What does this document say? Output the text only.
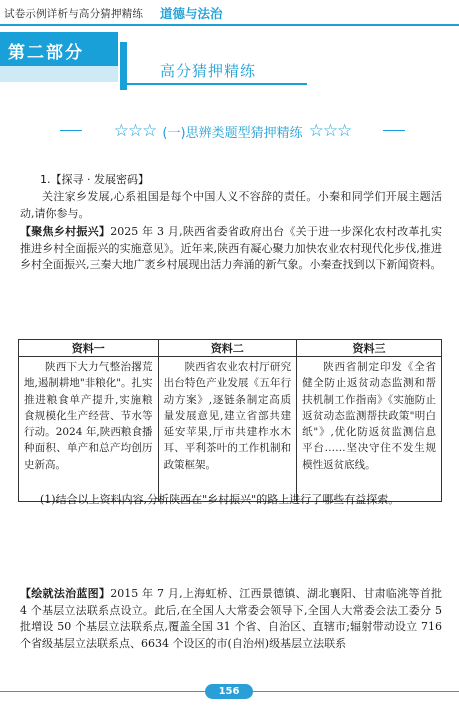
试卷示例详析与高分猜押精练 道德与法治
第二部分
高分猜押精练
☆☆☆ (一)思辨类题型猜押精练 ☆☆☆
1.【探寻 · 发展密码】

关注家乡发展,心系祖国是每个中国人义不容辞的责任。小秦和同学们开展主题活动,请你参与。

【聚焦乡村振兴】2025 年 3 月,陕西省委省政府出台《关于进一步深化农村改革扎实推进乡村全面振兴的实施意见》。近年来,陕西有凝心聚力加快农业农村现代化步伐,推进乡村全面振兴,三秦大地广袤乡村展现出活力奔涌的新气象。小秦查找到以下新闻资料。

资料一	资料二	资料三
陕西下大力气整治撂荒地,遏制耕地"非粮化"。扎实推进粮食单产提升,实施粮食规模化生产经营、节水等行动。2024 年,陕西粮食播种面积、单产和总产均创历史新高。	陕西省农业农村厅研究出台特色产业发展《五年行动方案》,逐链条制定高质量发展意见,建立省部共建延安苹果,厅市共建柞水木耳、平利茶叶的工作机制和政策框架。	陕西省制定印发《全省健全防止返贫动态监测和帮扶机制工作指南》《实施防止返贫动态监测帮扶政策"明白纸"》,优化防返贫监测信息平台……坚决守住不发生规模性返贫底线。

(1)结合以上资料内容,分析陕西在"乡村振兴"的路上进行了哪些有益探索。

【绘就法治蓝图】2015 年 7 月,上海虹桥、江西景德镇、湖北襄阳、甘肃临洮等首批 4 个基层立法联系点设立。此后,在全国人大常委会领导下,全国人大常委会法工委分 5 批增设 50 个基层立法联系点,覆盖全国 31 个省、自治区、直辖市;辐射带动设立 716 个省级基层立法联系点、6634 个设区的市(自治州)级基层立法联系

156
